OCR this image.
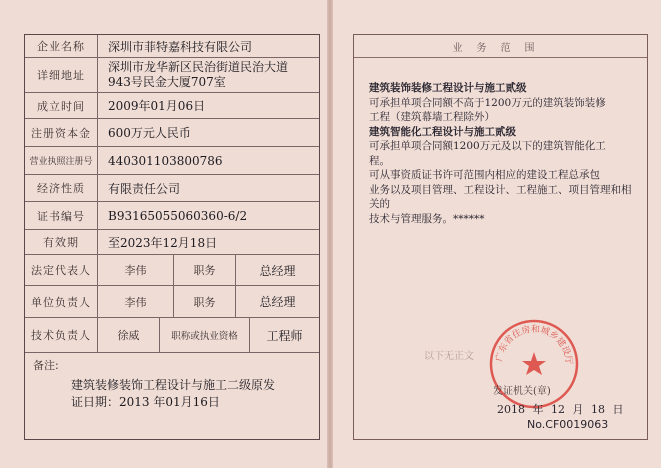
企业名称	深圳市菲特嘉科技有限公司
详细地址
深圳市龙华新区民治街道民治大道
943号民金大厦707室
成立时间	2009年01月06日
注册资本金	600万元人民币
营业执照注册号	440301103800786
经济性质	有限责任公司
证书编号	B93165055060360-6/2
有效期	至2023年12月18日
法定代表人	李伟	职务	总经理
单位负责人	李伟	职务	总经理
技术负责人	徐威	职称或执业资格	工程师
备注:
建筑装修装饰工程设计与施工二级原发
证日期：2013 年01月16日
业务范围

建筑装饰装修工程设计与施工贰级

可承担单项合同额不高于1200万元的建筑装饰装修
工程（建筑幕墙工程除外）

建筑智能化工程设计与施工贰级

可承担单项合同额1200万元及以下的建筑智能化工
程。
可从事资质证书许可范围内相应的建设工程总承包
业务以及项目管理、工程设计、工程施工、项目管理和相关的
技术与管理服务。******

以下无正文 广东省住房和城乡建设厅
发证机关(章)
2018 年 12 月 18 日
No.CF0019063
